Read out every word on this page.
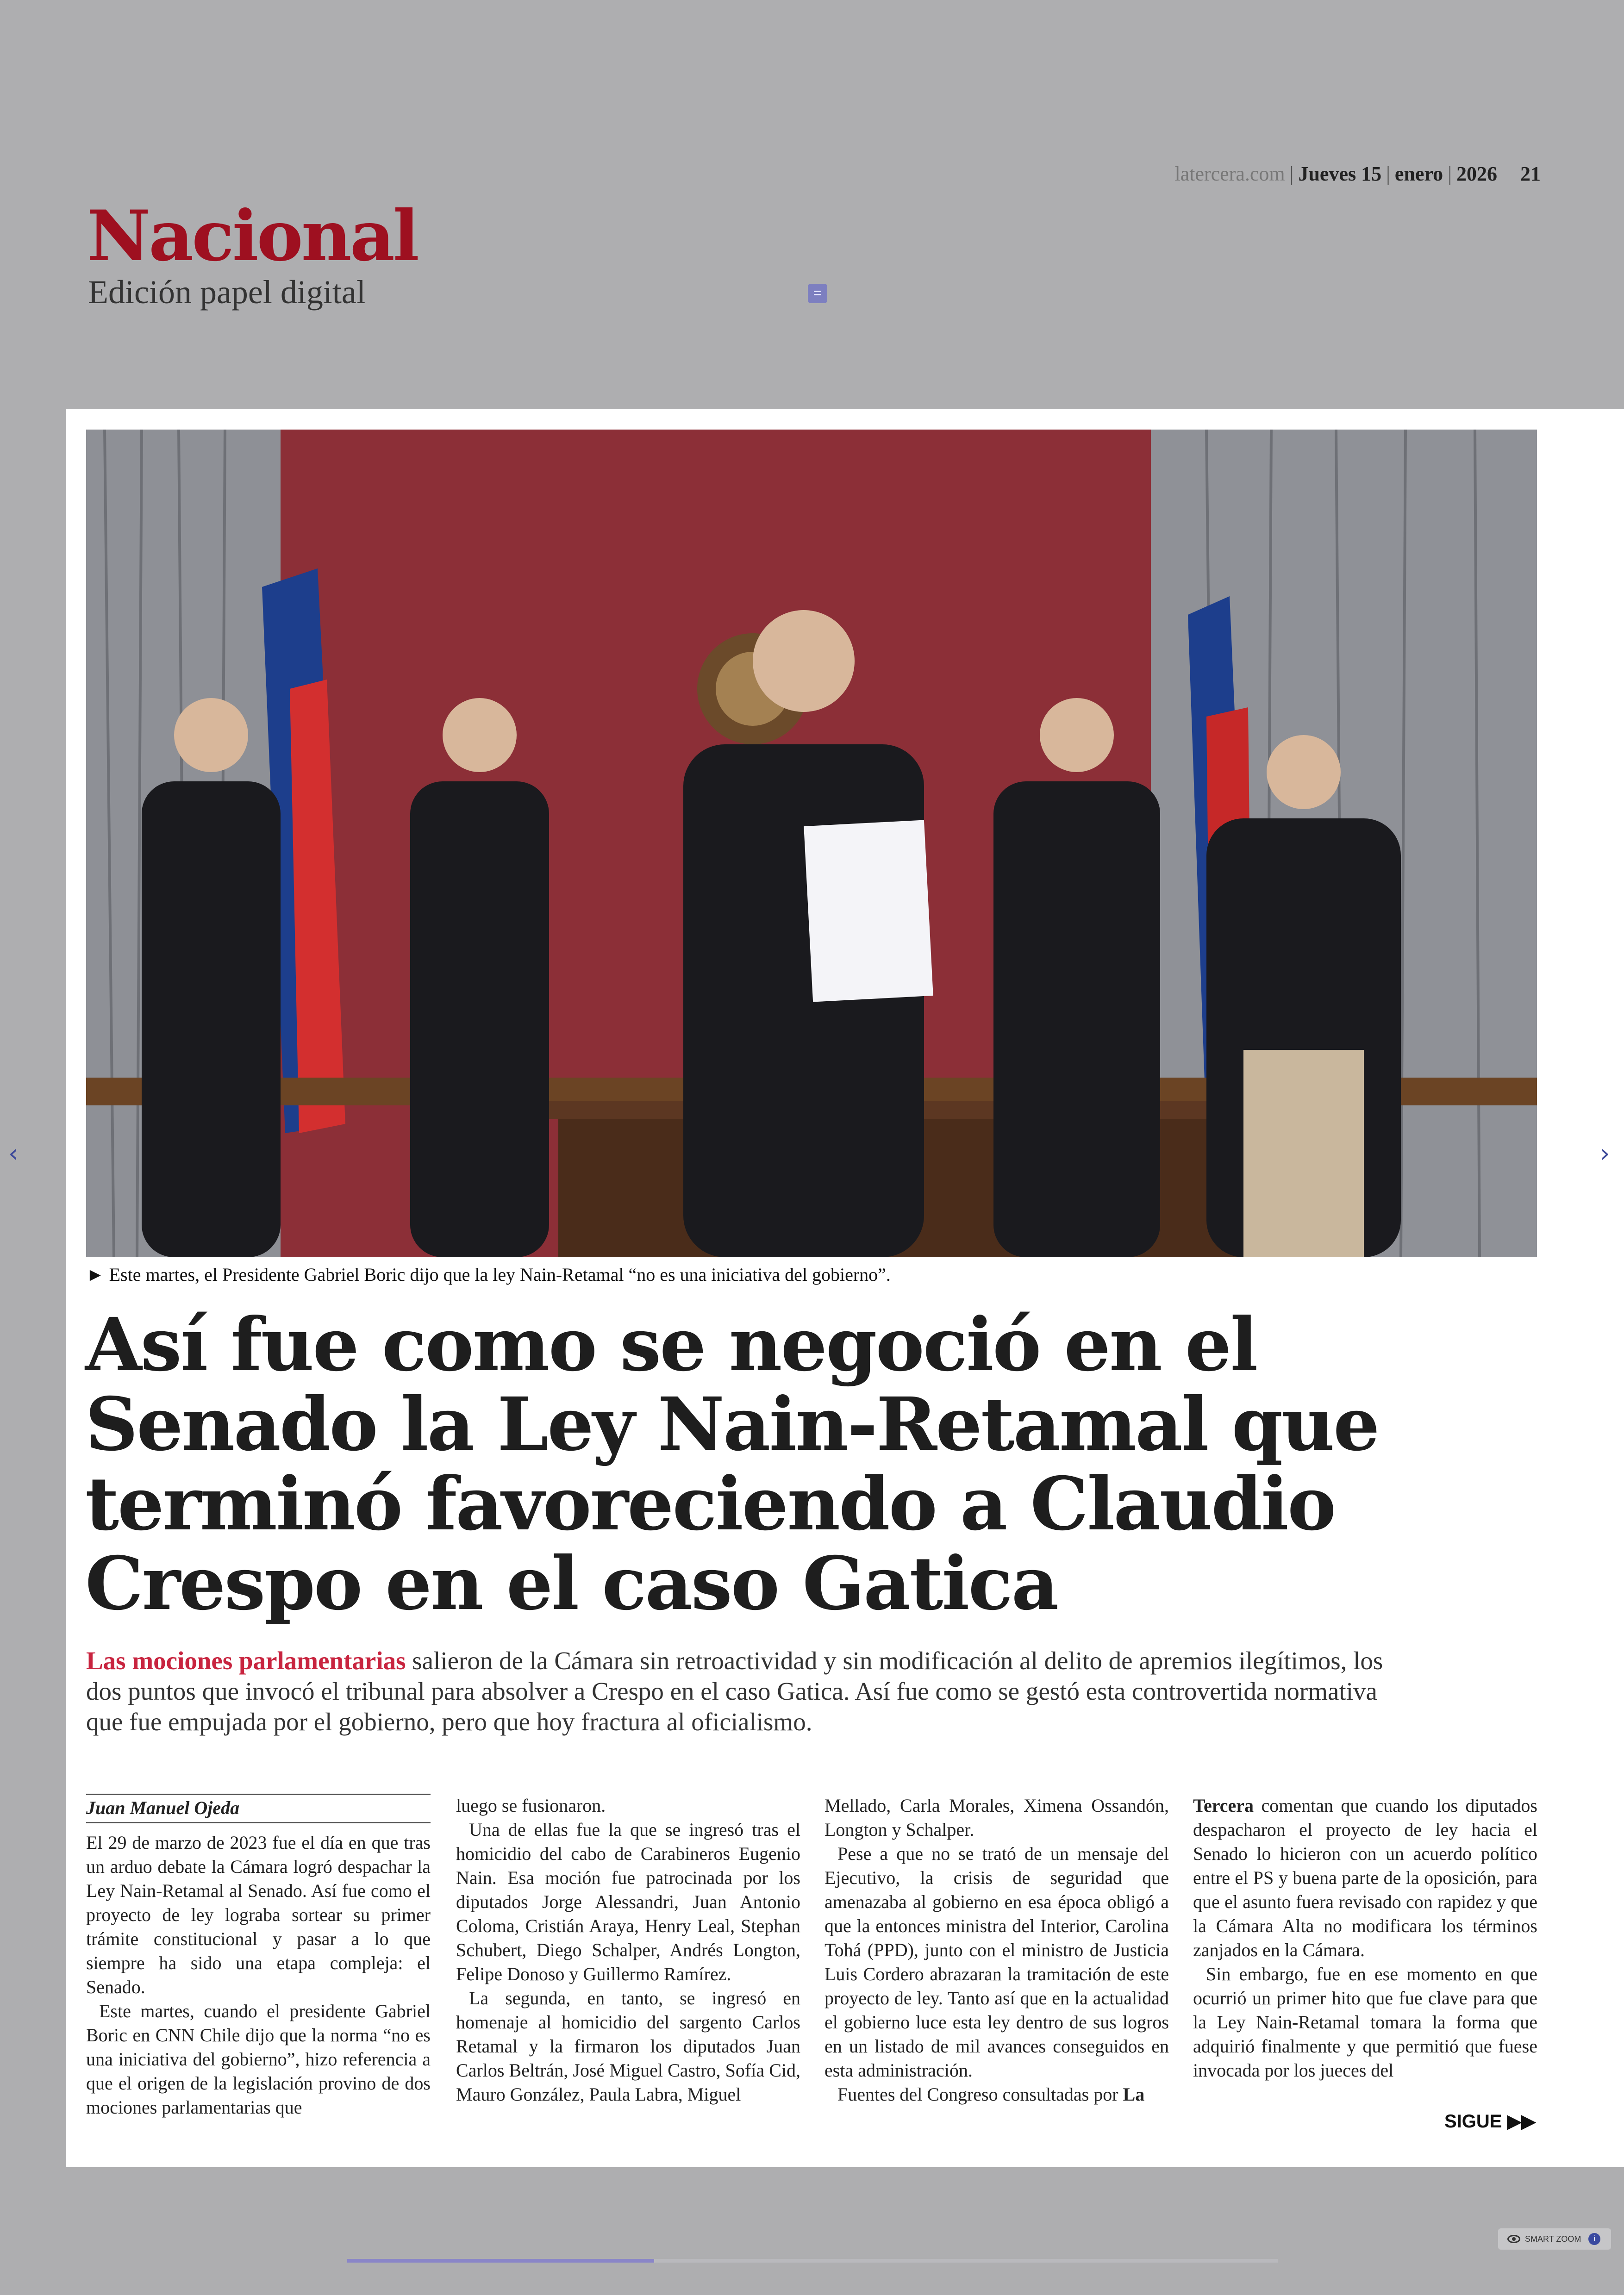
latercera.com | Jueves 15 | enero | 2026 21
Nacional
Edición papel digital
► Este martes, el Presidente Gabriel Boric dijo que la ley Nain-Retamal “no es una iniciativa del gobierno”.
Así fue como se negoció en el Senado la Ley Nain-Retamal que terminó favoreciendo a Claudio Crespo en el caso Gatica
Las mociones parlamentarias salieron de la Cámara sin retroactividad y sin modificación al delito de apremios ilegítimos, los dos puntos que invocó el tribunal para absolver a Crespo en el caso Gatica. Así fue como se gestó esta controvertida normativa que fue empujada por el gobierno, pero que hoy fractura al oficialismo.
Juan Manuel Ojeda

El 29 de marzo de 2023 fue el día en que tras un arduo debate la Cámara logró despachar la Ley Nain-Retamal al Senado. Así fue como el proyecto de ley lograba sortear su primer trámite constitucional y pasar a lo que siempre ha sido una etapa compleja: el Senado.

Este martes, cuando el presidente Gabriel Boric en CNN Chile dijo que la norma “no es una iniciativa del gobierno”, hizo referencia a que el origen de la legislación provino de dos mociones parlamentarias que

luego se fusionaron.

Una de ellas fue la que se ingresó tras el homicidio del cabo de Carabineros Eugenio Nain. Esa moción fue patrocinada por los diputados Jorge Alessandri, Juan Antonio Coloma, Cristián Araya, Henry Leal, Stephan Schubert, Diego Schalper, Andrés Longton, Felipe Donoso y Guillermo Ramírez.

La segunda, en tanto, se ingresó en homenaje al homicidio del sargento Carlos Retamal y la firmaron los diputados Juan Carlos Beltrán, José Miguel Castro, Sofía Cid, Mauro González, Paula Labra, Miguel

Mellado, Carla Morales, Ximena Ossandón, Longton y Schalper.

Pese a que no se trató de un mensaje del Ejecutivo, la crisis de seguridad que amenazaba al gobierno en esa época obligó a que la entonces ministra del Interior, Carolina Tohá (PPD), junto con el ministro de Justicia Luis Cordero abrazaran la tramitación de este proyecto de ley. Tanto así que en la actualidad el gobierno luce esta ley dentro de sus logros en un listado de mil avances conseguidos en esta administración.

Fuentes del Congreso consultadas por La

Tercera comentan que cuando los diputados despacharon el proyecto de ley hacia el Senado lo hicieron con un acuerdo político entre el PS y buena parte de la oposición, para que el asunto fuera revisado con rapidez y que la Cámara Alta no modificara los términos zanjados en la Cámara.

Sin embargo, fue en ese momento en que ocurrió un primer hito que fue clave para que la Ley Nain-Retamal tomara la forma que adquirió finalmente y que permitió que fuese invocada por los jueces del

SIGUE ▶▶
‹	›
SMART ZOOM	i
